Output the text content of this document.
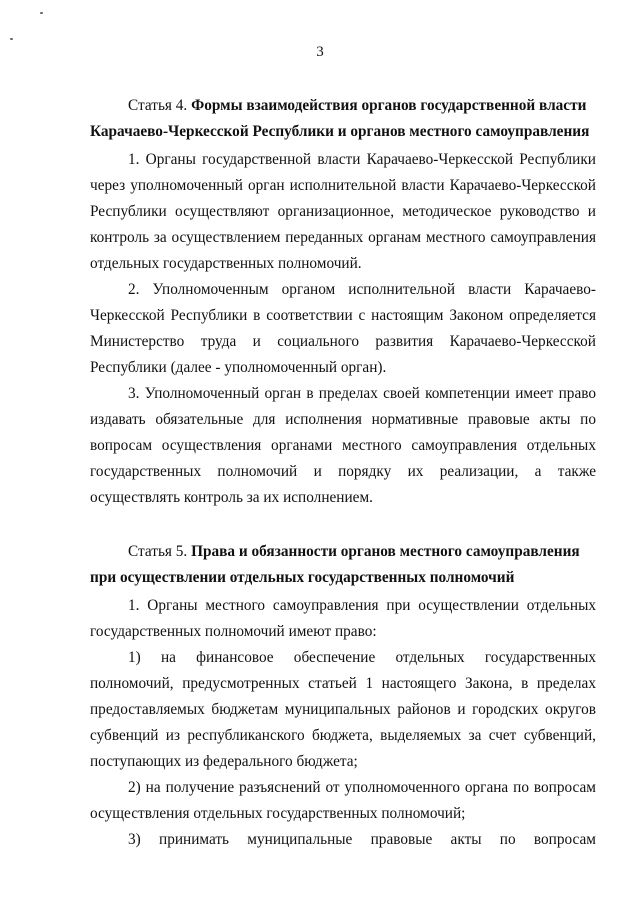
3
Статья 4. Формы взаимодействия органов государственной власти
Карачаево-Черкесской Республики и органов местного самоуправления
1. Органы государственной власти Карачаево-Черкесской Республики
через уполномоченный орган исполнительной власти Карачаево-Черкесской
Республики осуществляют организационное, методическое руководство и
контроль за осуществлением переданных органам местного самоуправления
отдельных государственных полномочий.
2. Уполномоченным органом исполнительной власти Карачаево-
Черкесской Республики в соответствии с настоящим Законом определяется
Министерство труда и социального развития Карачаево-Черкесской
Республики (далее - уполномоченный орган).
3. Уполномоченный орган в пределах своей компетенции имеет право
издавать обязательные для исполнения нормативные правовые акты по
вопросам осуществления органами местного самоуправления отдельных
государственных полномочий и порядку их реализации, а также
осуществлять контроль за их исполнением.
Статья 5. Права и обязанности органов местного самоуправления
при осуществлении отдельных государственных полномочий
1. Органы местного самоуправления при осуществлении отдельных
государственных полномочий имеют право:
1) на финансовое обеспечение отдельных государственных
полномочий, предусмотренных статьей 1 настоящего Закона, в пределах
предоставляемых бюджетам муниципальных районов и городских округов
субвенций из республиканского бюджета, выделяемых за счет субвенций,
поступающих из федерального бюджета;
2) на получение разъяснений от уполномоченного органа по вопросам
осуществления отдельных государственных полномочий;
3) принимать муниципальные правовые акты по вопросам
